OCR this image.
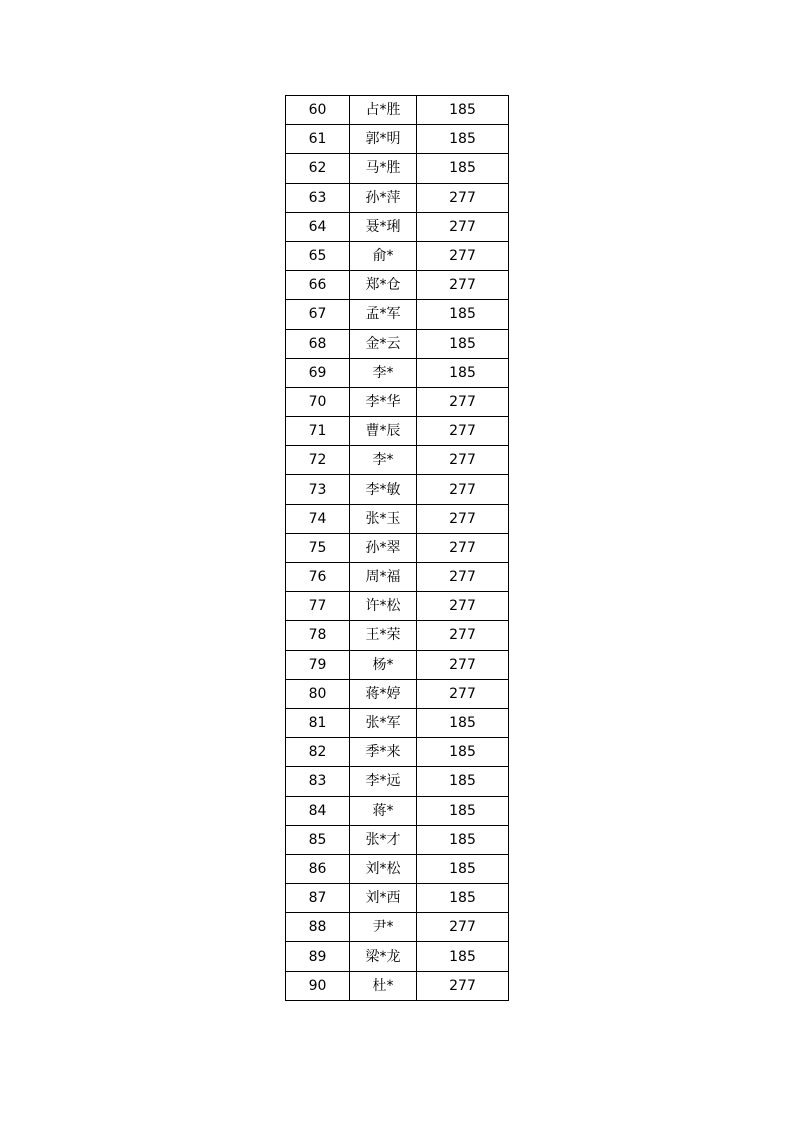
60	占*胜	185
61	郭*明	185
62	马*胜	185
63	孙*萍	277
64	聂*琍	277
65	俞*	277
66	郑*仓	277
67	孟*军	185
68	金*云	185
69	李*	185
70	李*华	277
71	曹*辰	277
72	李*	277
73	李*敏	277
74	张*玉	277
75	孙*翠	277
76	周*福	277
77	许*松	277
78	王*荣	277
79	杨*	277
80	蒋*婷	277
81	张*军	185
82	季*来	185
83	李*远	185
84	蒋*	185
85	张*才	185
86	刘*松	185
87	刘*西	185
88	尹*	277
89	梁*龙	185
90	杜*	277
